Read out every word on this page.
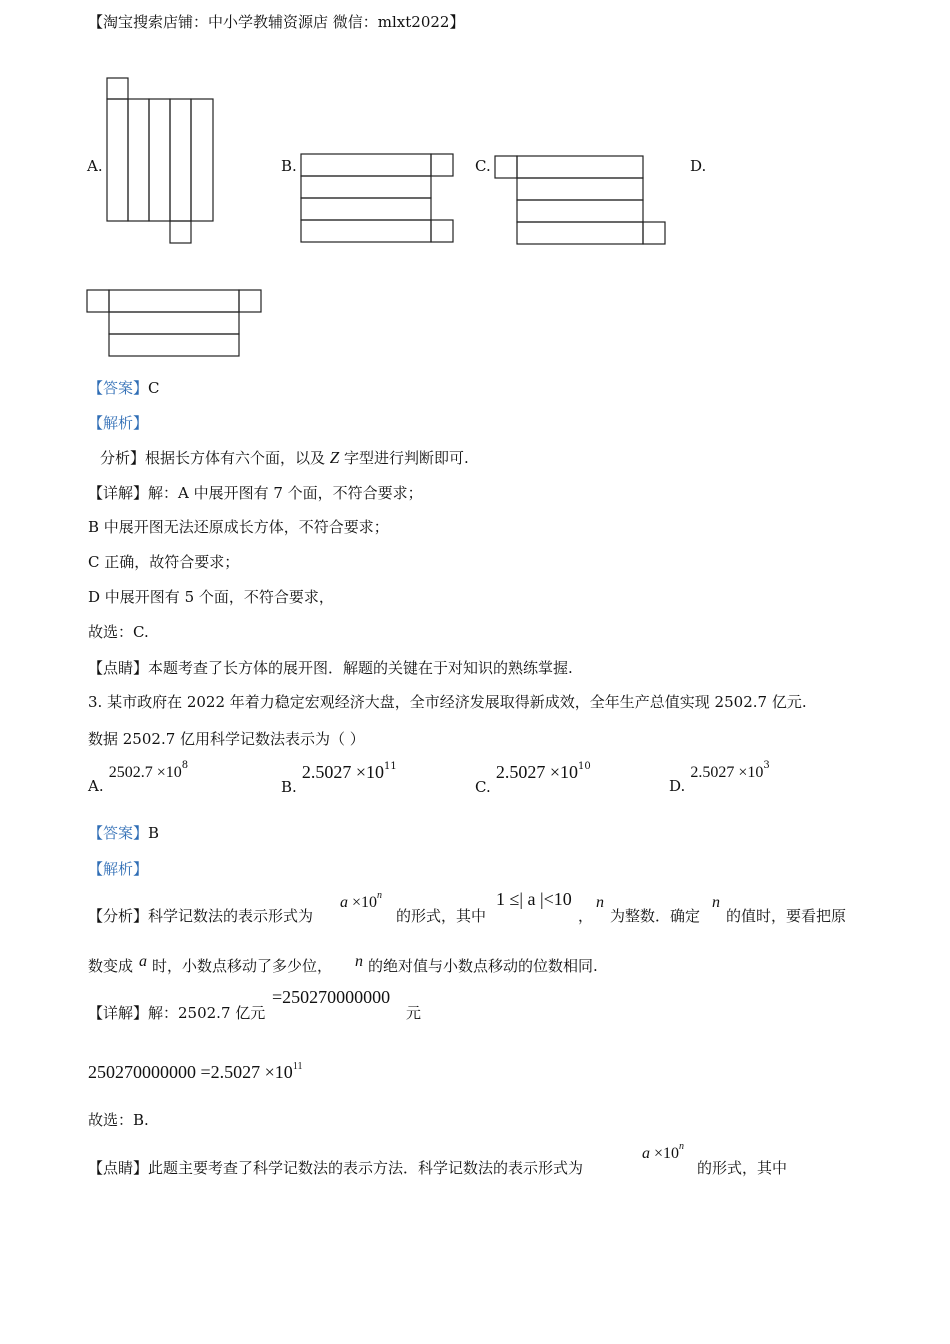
【淘宝搜索店铺：中小学教辅资源店 微信：mlxt2022】
A.	B.	C.	D.
【答案】C
【解析】
分析】根据长方体有六个面，以及 Z 字型进行判断即可.
【详解】解：A 中展开图有 7 个面，不符合要求；
B 中展开图无法还原成长方体，不符合要求；
C 正确，故符合要求；
D 中展开图有 5 个面，不符合要求，
故选：C.
【点睛】本题考查了长方体的展开图．解题的关键在于对知识的熟练掌握.
3. 某市政府在 2022 年着力稳定宏观经济大盘，全市经济发展取得新成效，全年生产总值实现 2502.7 亿元.
数据 2502.7 亿用科学记数法表示为（ ）
A. $2502.7 \times 10^8$
B. $2.5027 \times 10^{11}$
C. $2.5027 \times 10^{10}$
D. $2.5027 \times 10^3$
【答案】B
【解析】
【分析】科学记数法的表示形式为
$a \times 10^n$
的形式，其中
1 ≤| a |<10
，
n
为整数．确定
n
的值时，要看把原
数变成 a 时，小数点移动了多少位， n 的绝对值与小数点移动的位数相同.
【详解】解：2502.7 亿元
=250270000000
元
$250270000000 =2.5027 \times 10^{11}$
故选：B.
【点睛】此题主要考查了科学记数法的表示方法．科学记数法的表示形式为
$a \times 10^n$
的形式，其中
